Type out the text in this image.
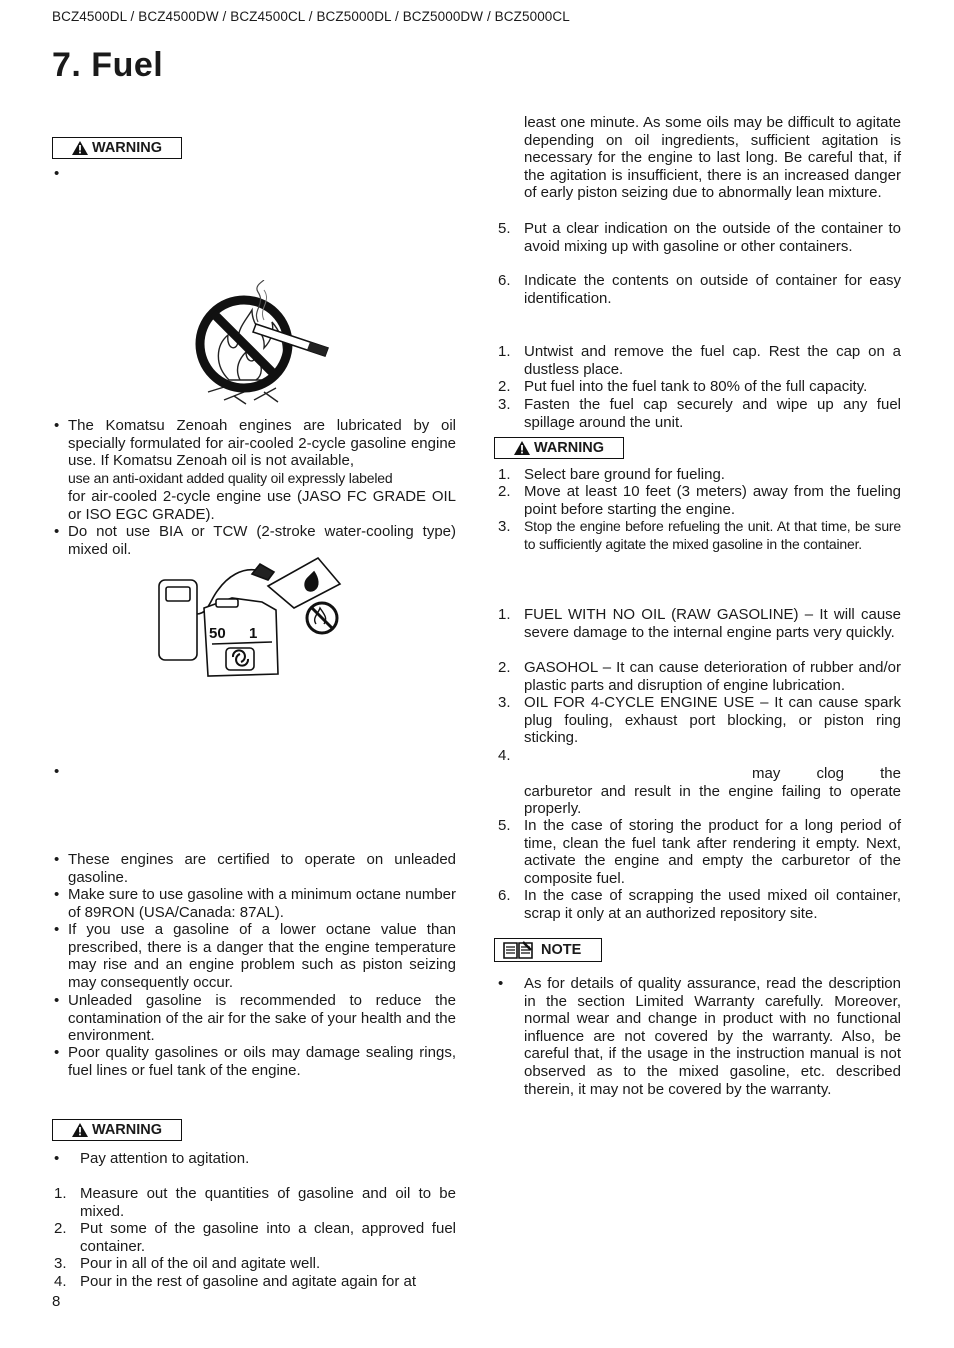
BCZ4500DL / BCZ4500DW / BCZ4500CL / BCZ5000DL / BCZ5000DW / BCZ5000CL
7. Fuel
WARNING
•
• The Komatsu Zenoah engines are lubricated by oil specially formulated for air-cooled 2-cycle gasoline engine use. If Komatsu Zenoah oil is not available,
use an anti-oxidant added quality oil expressly labeled
for air-cooled 2-cycle engine use (JASO FC GRADE OIL or ISO EGC GRADE).
• Do not use BIA or TCW (2-stroke water-cooling type) mixed oil.
50 1
•
• These engines are certified to operate on unleaded gasoline.
• Make sure to use gasoline with a minimum octane number of 89RON (USA/Canada: 87AL).
• If you use a gasoline of a lower octane value than prescribed, there is a danger that the engine temperature may rise and an engine problem such as piston seizing may consequently occur.
• Unleaded gasoline is recommended to reduce the contamination of the air for the sake of your health and the environment.
• Poor quality gasolines or oils may damage sealing rings, fuel lines or fuel tank of the engine.
WARNING
• Pay attention to agitation.
1. Measure out the quantities of gasoline and oil to be mixed.
2. Put some of the gasoline into a clean, approved fuel container.
3. Pour in all of the oil and agitate well.
4. Pour in the rest of gasoline and agitate again for at
8
least one minute. As some oils may be difficult to agitate depending on oil ingredients, sufficient agitation is necessary for the engine to last long. Be careful that, if the agitation is insufficient, there is an increased danger of early piston seizing due to abnormally lean mixture.
5. Put a clear indication on the outside of the container to avoid mixing up with gasoline or other containers.
6. Indicate the contents on outside of container for easy identification.
1. Untwist and remove the fuel cap. Rest the cap on a dustless place.
2. Put fuel into the fuel tank to 80% of the full capacity.
3. Fasten the fuel cap securely and wipe up any fuel spillage around the unit.
WARNING
1. Select bare ground for fueling.
2. Move at least 10 feet (3 meters) away from the fueling point before starting the engine.
3. Stop the engine before refueling the unit. At that time, be sure to sufficiently agitate the mixed gasoline in the container.
1. FUEL WITH NO OIL (RAW GASOLINE) – It will cause severe damage to the internal engine parts very quickly.
2. GASOHOL – It can cause deterioration of rubber and/or plastic parts and disruption of engine lubrication.
3. OIL FOR 4-CYCLE ENGINE USE – It can cause spark plug fouling, exhaust port blocking, or piston ring sticking.
4.
may clog the carburetor and result in the engine failing to operate properly.
5. In the case of storing the product for a long period of time, clean the fuel tank after rendering it empty. Next, activate the engine and empty the carburetor of the composite fuel.
6. In the case of scrapping the used mixed oil container, scrap it only at an authorized repository site.
NOTE
• As for details of quality assurance, read the description in the section Limited Warranty carefully. Moreover, normal wear and change in product with no functional influence are not covered by the warranty. Also, be careful that, if the usage in the instruction manual is not observed as to the mixed gasoline, etc. described therein, it may not be covered by the warranty.
